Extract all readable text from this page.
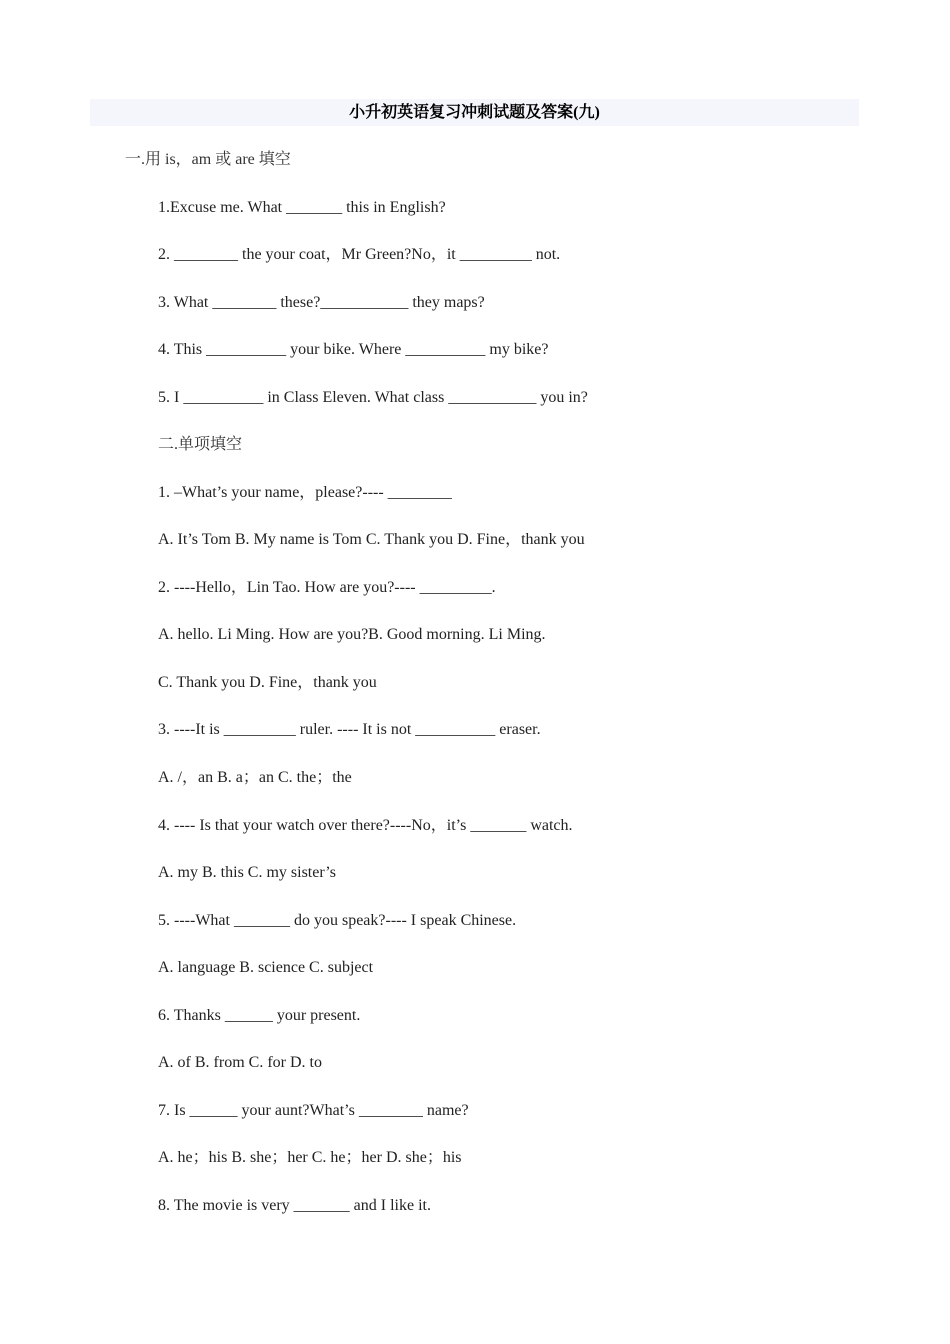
小升初英语复习冲刺试题及答案(九)
一.用 is，am 或 are 填空
1.Excuse me. What _______ this in English?
2. ________ the your coat，Mr Green?No，it _________ not.
3. What ________ these?___________ they maps?
4. This __________ your bike. Where __________ my bike?
5. I __________ in Class Eleven. What class ___________ you in?
二.单项填空
1. –What’s your name，please?---- ________
A. It’s Tom B. My name is Tom C. Thank you D. Fine，thank you
2. ----Hello，Lin Tao. How are you?---- _________.
A. hello. Li Ming. How are you?B. Good morning. Li Ming.
C. Thank you D. Fine，thank you
3. ----It is _________ ruler. ---- It is not __________ eraser.
A. /，an B. a；an C. the；the
4. ---- Is that your watch over there?----No，it’s _______ watch.
A. my B. this C. my sister’s
5. ----What _______ do you speak?---- I speak Chinese.
A. language B. science C. subject
6. Thanks ______ your present.
A. of B. from C. for D. to
7. Is ______ your aunt?What’s ________ name?
A. he；his B. she；her C. he；her D. she；his
8. The movie is very _______ and I like it.
